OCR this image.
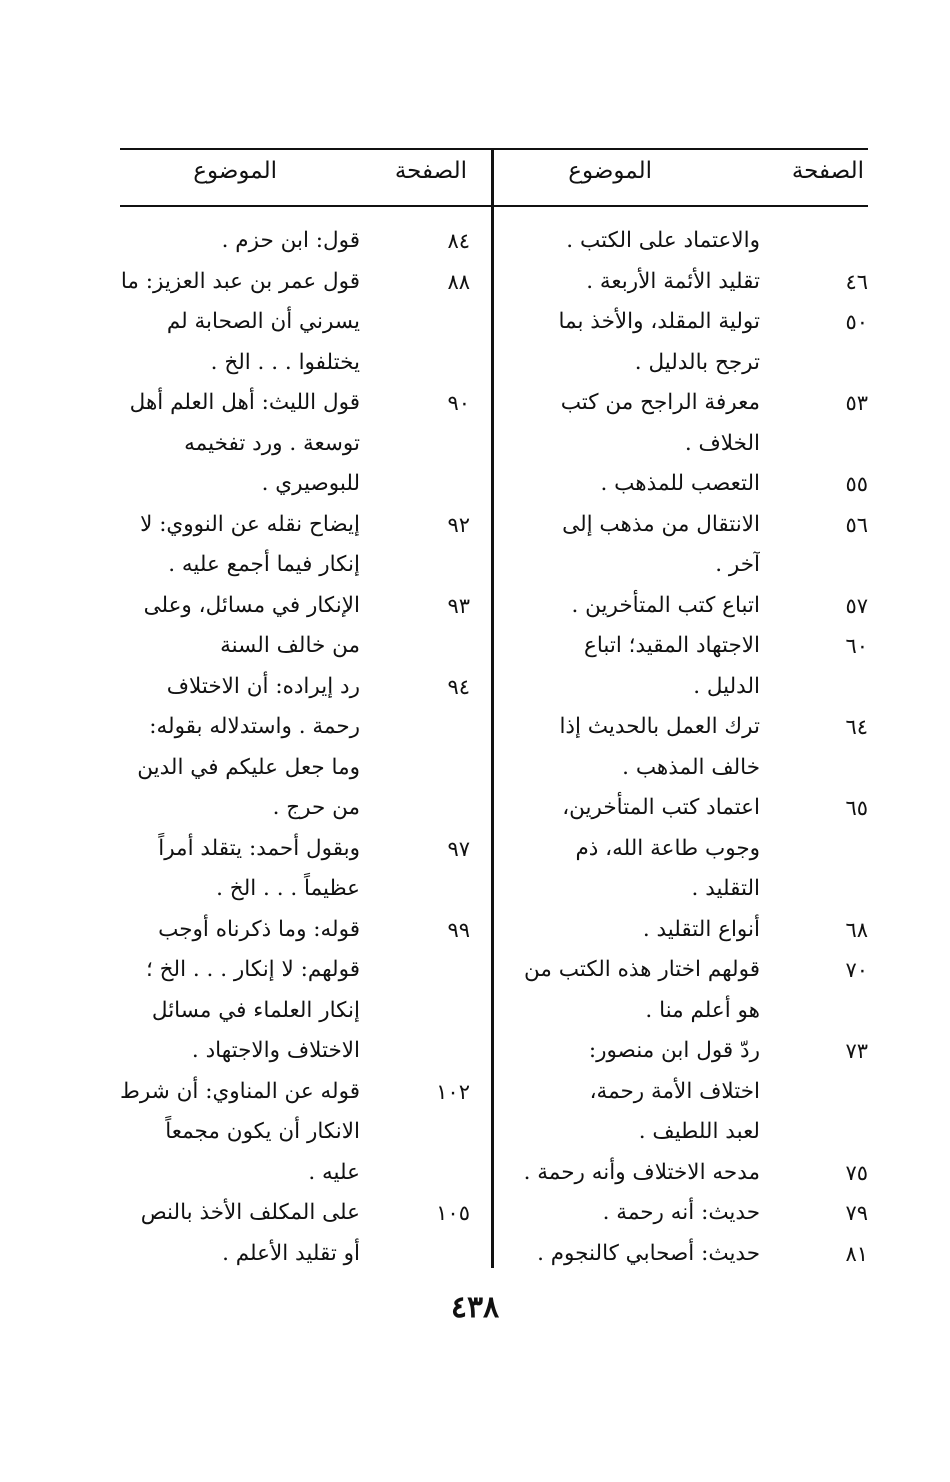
الصفحة
الموضوع
الصفحة
الموضوع
والاعتماد على الكتب .
٤٦
تقليد الأئمة الأربعة .
٥٠
تولية المقلد، والأخذ بما
ترجح بالدليل .
٥٣
معرفة الراجح من كتب
الخلاف .
٥٥
التعصب للمذهب .
٥٦
الانتقال من مذهب إلى
آخر .
٥٧
اتباع كتب المتأخرين .
٦٠
الاجتهاد المقيد؛ اتباع
الدليل .
٦٤
ترك العمل بالحديث إذا
خالف المذهب .
٦٥
اعتماد كتب المتأخرين،
وجوب طاعة الله، ذم
التقليد .
٦٨
أنواع التقليد .
٧٠
قولهم اختار هذه الكتب من
هو أعلم منا .
٧٣
ردّ قول ابن منصور:
اختلاف الأمة رحمة،
لعبد اللطيف .
٧٥
مدحه الاختلاف وأنه رحمة .
٧٩
حديث: أنه رحمة .
٨١
حديث: أصحابي كالنجوم .
٨٤
قول: ابن حزم .
٨٨
قول عمر بن عبد العزيز: ما
يسرني أن الصحابة لم
يختلفوا . . . الخ .
٩٠
قول الليث: أهل العلم أهل
توسعة . ورد تفخيمه
للبوصيري .
٩٢
إيضاح نقله عن النووي: لا
إنكار فيما أجمع عليه .
٩٣
الإنكار في مسائل، وعلى
من خالف السنة
٩٤
رد إيراده: أن الاختلاف
رحمة . واستدلاله بقوله:
وما جعل عليكم في الدين
من حرج .
٩٧
وبقول أحمد: يتقلد أمراً
عظيماً . . . الخ .
٩٩
قوله: وما ذكرناه أوجب
قولهم: لا إنكار . . . الخ ؛
إنكار العلماء في مسائل
الاختلاف والاجتهاد .
١٠٢
قوله عن المناوي: أن شرط
الانكار أن يكون مجمعاً
عليه .
١٠٥
على المكلف الأخذ بالنص
أو تقليد الأعلم .
٤٣٨
